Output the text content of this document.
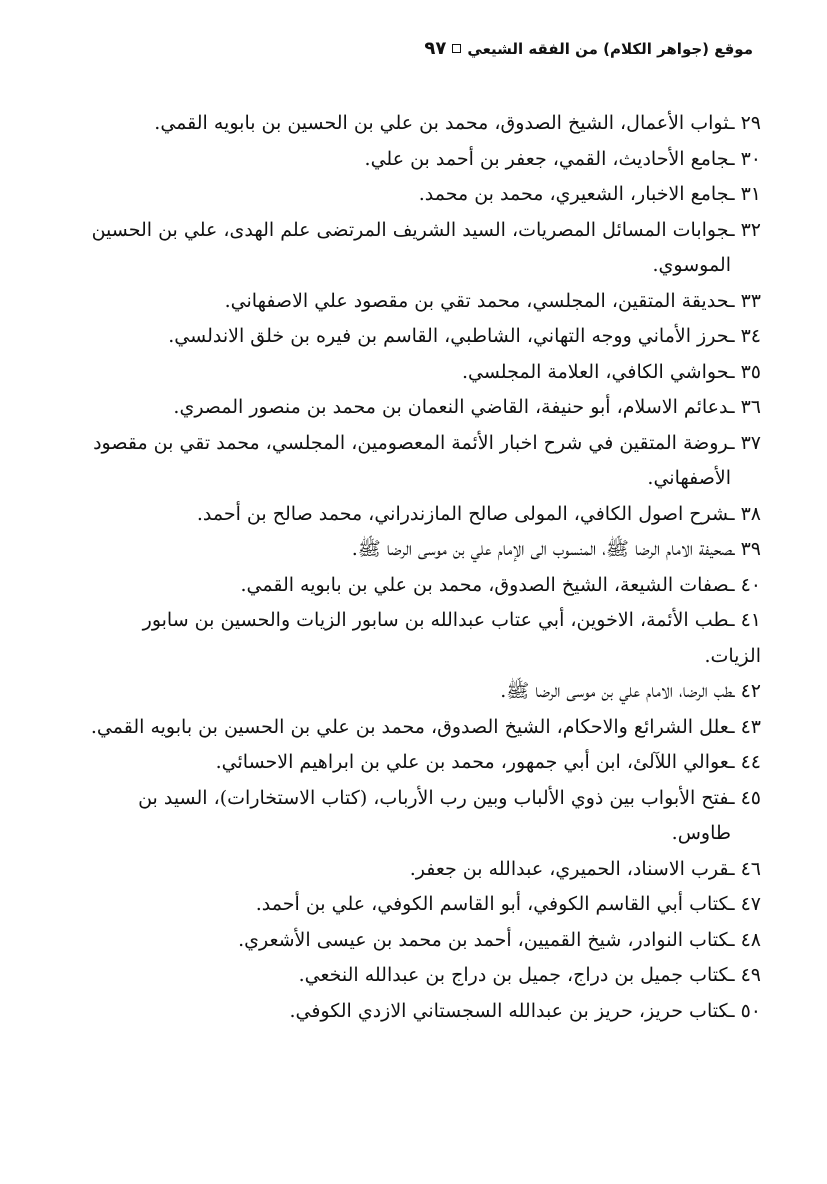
موقع (جواهر الكلام) من الفقه الشيعي
٩٧

٢٩ ـثواب الأعمال، الشيخ الصدوق، محمد بن علي بن الحسين بن بابويه القمي.

٣٠ ـجامع الأحاديث، القمي، جعفر بن أحمد بن علي.

٣١ ـجامع الاخبار، الشعيري، محمد بن محمد.

٣٢ ـجوابات المسائل المصريات، السيد الشريف المرتضى علم الهدى، علي بن الحسين

الموسوي.

٣٣ ـحديقة المتقين، المجلسي، محمد تقي بن مقصود علي الاصفهاني.

٣٤ ـحرز الأماني ووجه التهاني، الشاطبي، القاسم بن فيره بن خلق الاندلسي.

٣٥ ـحواشي الكافي، العلامة المجلسي.

٣٦ ـدعائم الاسلام، أبو حنيفة، القاضي النعمان بن محمد بن منصور المصري.

٣٧ ـروضة المتقين في شرح اخبار الأئمة المعصومين، المجلسي، محمد تقي بن مقصود

الأصفهاني.

٣٨ ـشرح اصول الكافي، المولى صالح المازندراني، محمد صالح بن أحمد.

٣٩ ـصحيفة الامام الرضا ﷺ، المنسوب الى الإمام علي بن موسى الرضا ﷺ.

٤٠ ـصفات الشيعة، الشيخ الصدوق، محمد بن علي بن بابويه القمي.

٤١ ـطب الأئمة، الاخوين، أبي عتاب عبدالله بن سابور الزيات والحسين بن سابور الزيات.

٤٢ ـطب الرضا، الامام علي بن موسى الرضا ﷺ.

٤٣ ـعلل الشرائع والاحكام، الشيخ الصدوق، محمد بن علي بن الحسين بن بابويه القمي.

٤٤ ـعوالي اللآلئ، ابن أبي جمهور، محمد بن علي بن ابراهيم الاحسائي.

٤٥ ـفتح الأبواب بين ذوي الألباب وبين رب الأرباب، (كتاب الاستخارات)، السيد بن

طاوس.

٤٦ ـقرب الاسناد، الحميري، عبدالله بن جعفر.

٤٧ ـكتاب أبي القاسم الكوفي، أبو القاسم الكوفي، علي بن أحمد.

٤٨ ـكتاب النوادر، شيخ القميين، أحمد بن محمد بن عيسى الأشعري.

٤٩ ـكتاب جميل بن دراج، جميل بن دراج بن عبدالله النخعي.

٥٠ ـكتاب حريز، حريز بن عبدالله السجستاني الازدي الكوفي.
